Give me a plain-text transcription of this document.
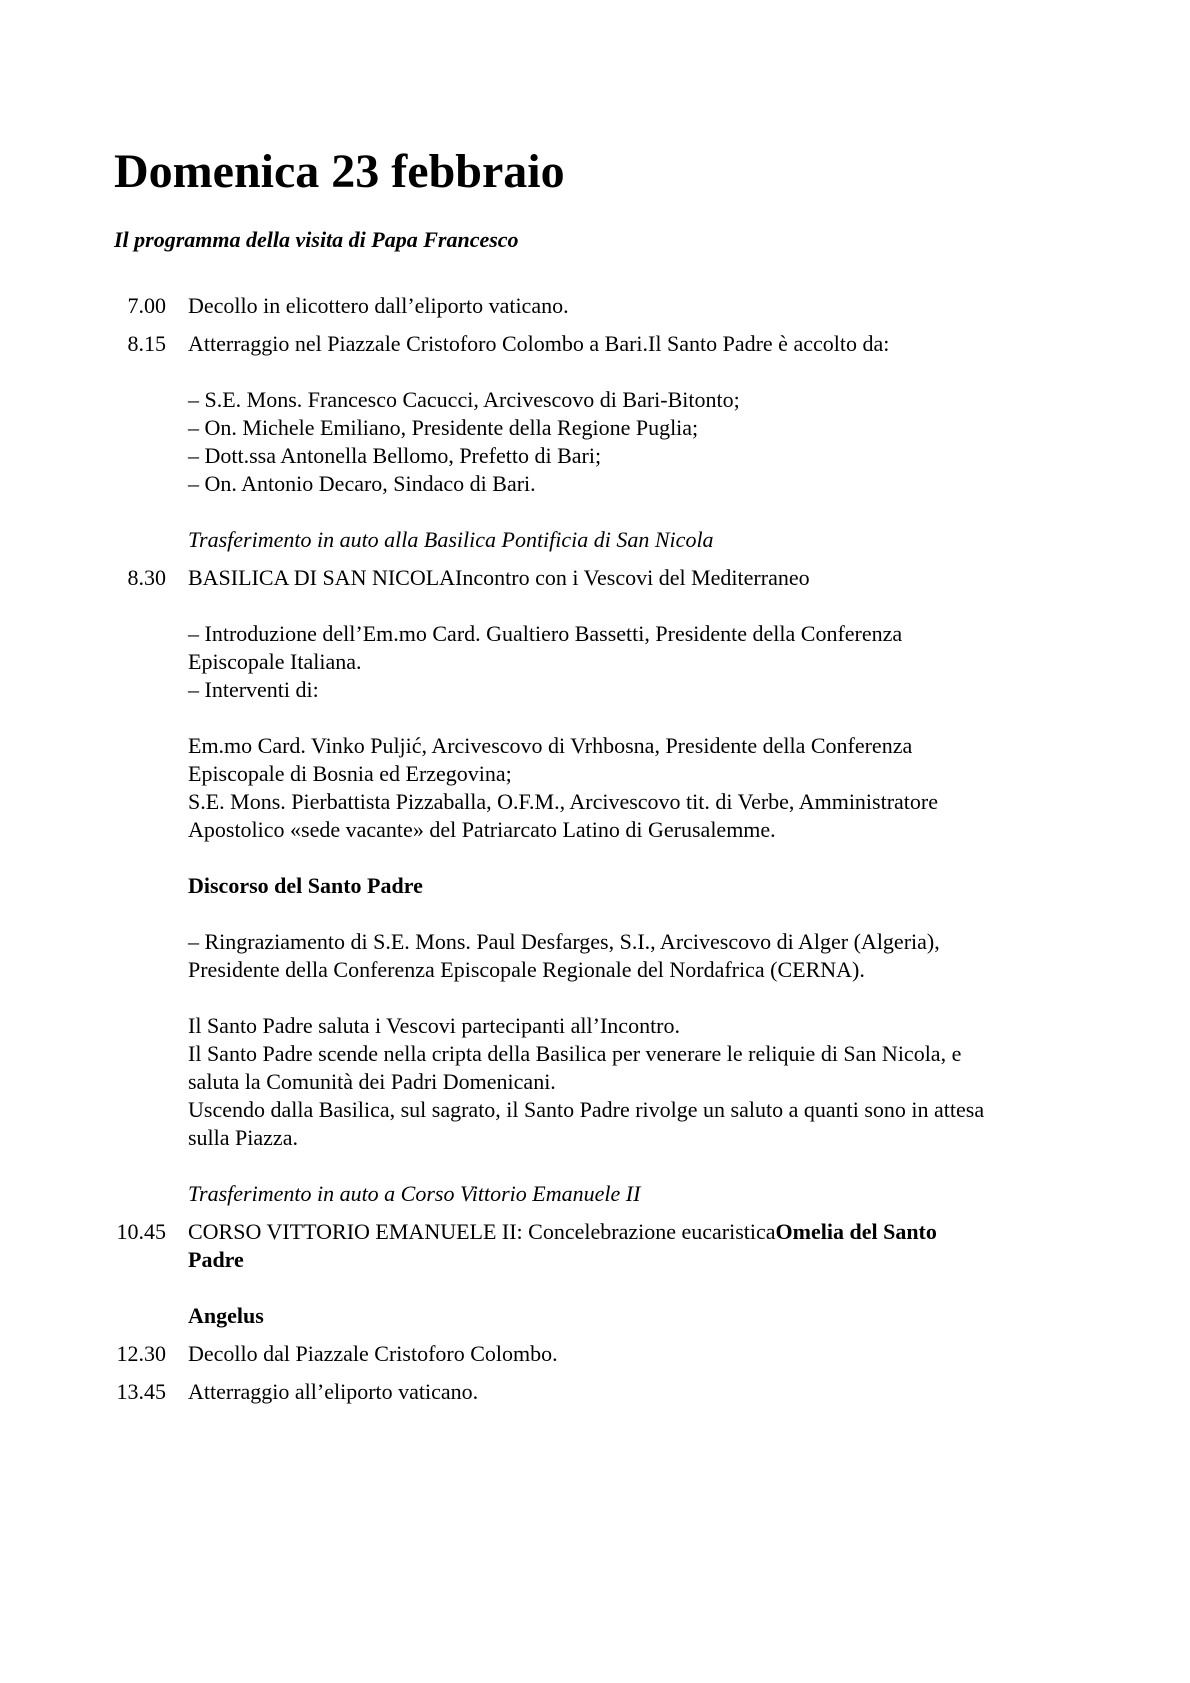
Domenica 23 febbraio
Il programma della visita di Papa Francesco
7.00 Decollo in elicottero dall’eliporto vaticano.
8.15 Atterraggio nel Piazzale Cristoforo Colombo a Bari.Il Santo Padre è accolto da:
– S.E. Mons. Francesco Cacucci, Arcivescovo di Bari-Bitonto;
– On. Michele Emiliano, Presidente della Regione Puglia;
– Dott.ssa Antonella Bellomo, Prefetto di Bari;
– On. Antonio Decaro, Sindaco di Bari.
Trasferimento in auto alla Basilica Pontificia di San Nicola
8.30 BASILICA DI SAN NICOLAIncontro con i Vescovi del Mediterraneo
– Introduzione dell’Em.mo Card. Gualtiero Bassetti, Presidente della Conferenza
Episcopale Italiana.
– Interventi di:
Em.mo Card. Vinko Puljić, Arcivescovo di Vrhbosna, Presidente della Conferenza
Episcopale di Bosnia ed Erzegovina;
S.E. Mons. Pierbattista Pizzaballa, O.F.M., Arcivescovo tit. di Verbe, Amministratore
Apostolico «sede vacante» del Patriarcato Latino di Gerusalemme.
Discorso del Santo Padre
– Ringraziamento di S.E. Mons. Paul Desfarges, S.I., Arcivescovo di Alger (Algeria),
Presidente della Conferenza Episcopale Regionale del Nordafrica (CERNA).
Il Santo Padre saluta i Vescovi partecipanti all’Incontro.
Il Santo Padre scende nella cripta della Basilica per venerare le reliquie di San Nicola, e
saluta la Comunità dei Padri Domenicani.
Uscendo dalla Basilica, sul sagrato, il Santo Padre rivolge un saluto a quanti sono in attesa
sulla Piazza.
Trasferimento in auto a Corso Vittorio Emanuele II
10.45 CORSO VITTORIO EMANUELE II: Concelebrazione eucaristicaOmelia del Santo
Padre
Angelus
12.30 Decollo dal Piazzale Cristoforo Colombo.
13.45 Atterraggio all’eliporto vaticano.
